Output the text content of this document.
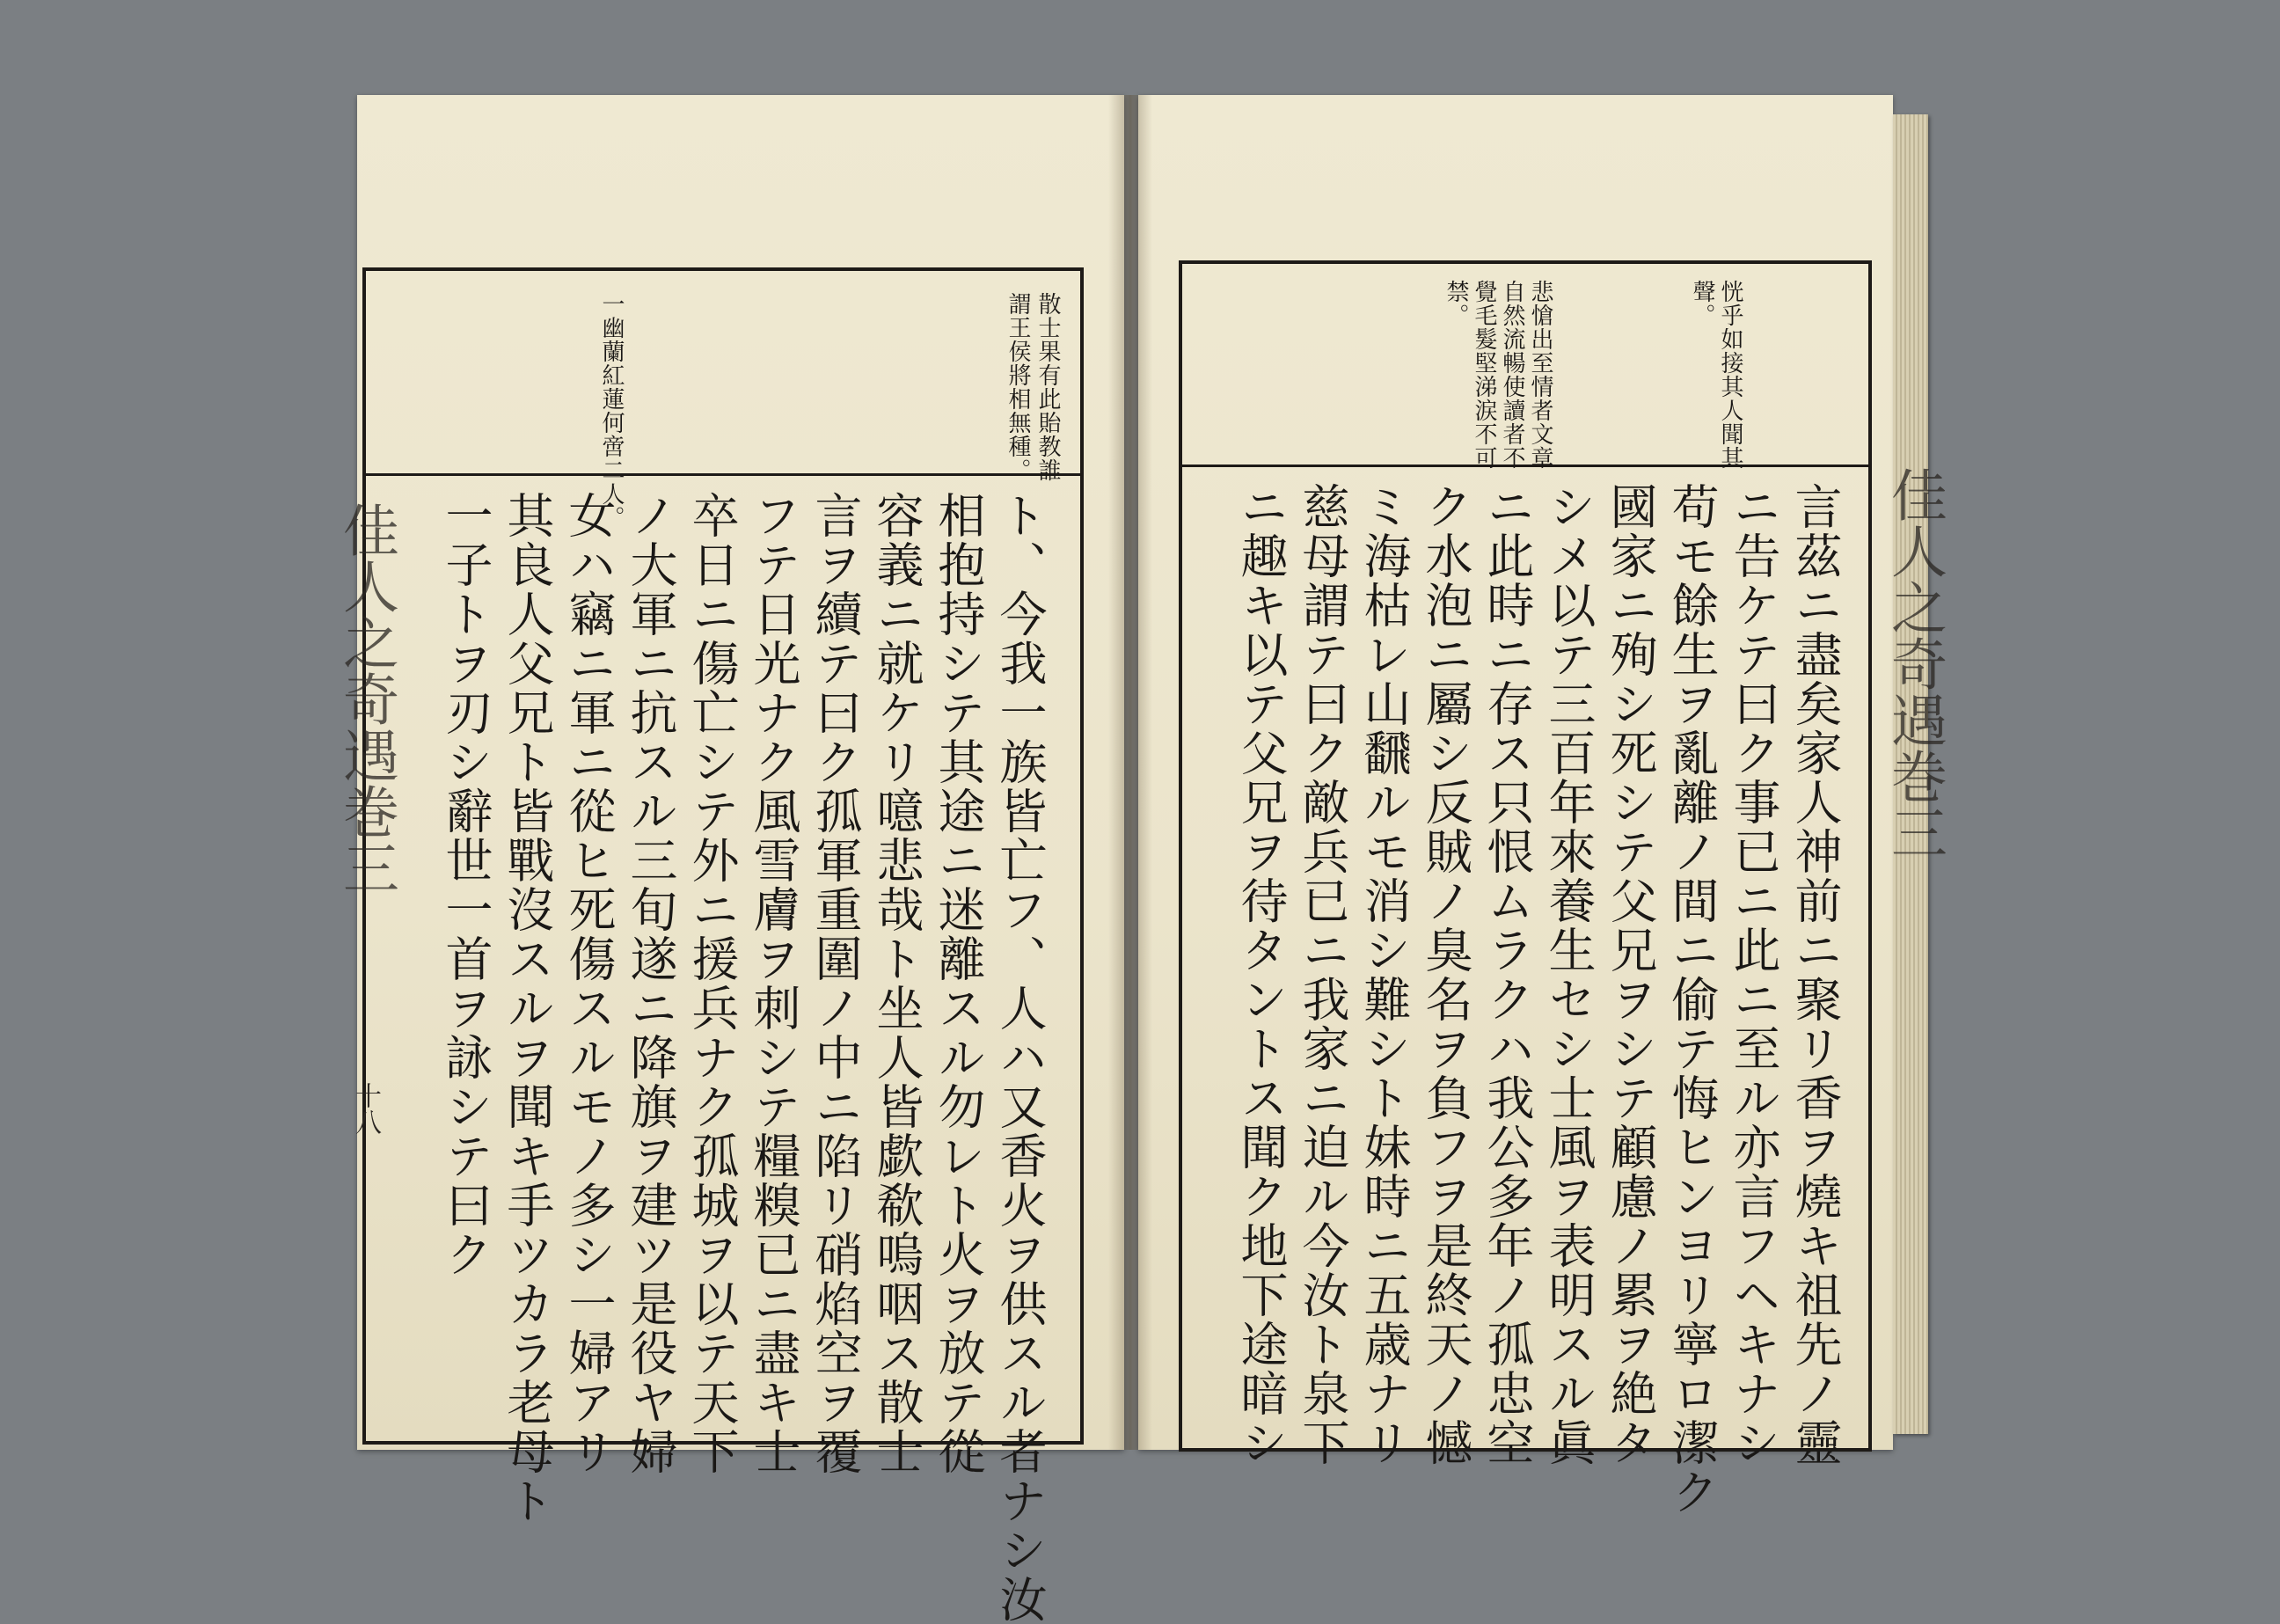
佳人之奇遇巻三
十八
散士果有此貽教誰
謂王侯將相無種。
一幽蘭紅蓮何啻二人。
ト、今我一族皆亡フ、人ハ又香火ヲ供スル者ナシ汝
相抱持シテ其途ニ迷離スル勿レト火ヲ放テ從
容義ニ就ケリ噫悲哉ト坐人皆歔欷嗚咽ス散士
言ヲ續テ曰ク孤軍重圍ノ中ニ陷リ硝焰空ヲ覆
フテ日光ナク風雪膚ヲ刺シテ糧糗已ニ盡キ士
卒日ニ傷亡シテ外ニ援兵ナク孤城ヲ以テ天下
ノ大軍ニ抗スル三旬遂ニ降旗ヲ建ツ是役ヤ婦
女ハ竊ニ軍ニ從ヒ死傷スルモノ多シ一婦アリ
其良人父兄ト皆戰沒スルヲ聞キ手ツカラ老母ト
一子トヲ刃シ辭世一首ヲ詠シテ曰ク	佳人之奇遇巻三
恍乎如接其人聞其
聲。
悲愴出至情者文章
自然流暢使讀者不
覺毛髮堅涕涙不可
禁。
言茲ニ盡矣家人神前ニ聚リ香ヲ燒キ祖先ノ靈
ニ告ケテ曰ク事已ニ此ニ至ル亦言フヘキナシ
苟モ餘生ヲ亂離ノ間ニ偷テ悔ヒンヨリ寧ロ潔ク
國家ニ殉シ死シテ父兄ヲシテ顧慮ノ累ヲ絶タ
シメ以テ三百年來養生セシ士風ヲ表明スル眞
ニ此時ニ存ス只恨ムラクハ我公多年ノ孤忠空
ク水泡ニ屬シ反賊ノ臭名ヲ負フヲ是終天ノ憾
ミ海枯レ山飜ルモ消シ難シト妹時ニ五歳ナリ
慈母謂テ曰ク敵兵已ニ我家ニ迫ル今汝ト泉下
ニ趣キ以テ父兄ヲ待タントス聞ク地下途暗シ
